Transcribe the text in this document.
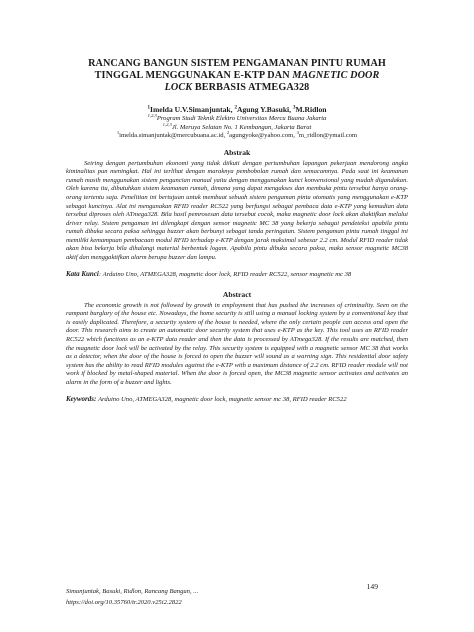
RANCANG BANGUN SISTEM PENGAMANAN PINTU RUMAH
TINGGAL MENGGUNAKAN E-KTP DAN MAGNETIC DOOR
LOCK BERBASIS ATMEGA328
$^1$Imelda U.V.Simanjuntak, $^2$Agung Y.Basuki, $^3$M.Ridlon
$^{1,2,3}$Program Studi Teknik Elektro Universitas Mercu Buana Jakarta
$^{1,2,3}$Jl. Meruya Selatan No. 1 Kembangan, Jakarta Barat
$^1$imelda.simanjuntak@mercubuana.ac.id, $^2$agungyoke@yahoo.com, $^3$m_ridlon@ymail.com
Abstrak

Seiring dengan pertumbuhan ekonomi yang tidak diikuti dengan pertumbuhan lapangan pekerjaan mendorong angka kiminalitas pun meningkat. Hal ini terlihat dengan maraknya pembobolan rumah dan semacamnya. Pada saat ini keamanan rumah masih menggunakan sistem penguncian manual yaitu dengan menggunakan kunci konvensional yang mudah digandakan. Oleh karena itu, dibutuhkan sistem keamanan rumah, dimana yang dapat mengakses dan membuka pintu tersebut hanya orang-orang tertentu saja. Penelitian ini bertujuan untuk membuat sebuah sistem pengaman pintu otomatis yang menggunakan e-KTP sebagai kuncinya. Alat ini mengunakan RFID reader RC522 yang berfungsi sebagai pembaca data e-KTP yang kemudian data tersebut diproses oleh ATmega328. Bila hasil pemrosesan data tersebut cocok, maka magnetic door lock akan diaktifkan melalui driver relay. Sistem pengaman ini dilengkapi dengan sensor magnetic MC 38 yang bekerja sebagai pendeteksi apabila pintu rumah dibuka secara paksa sehingga buzzer akan berbunyi sebagai tanda peringatan. Sistem pengaman pintu rumah tinggal ini memiliki kemampuan pembacaan modul RFID terhadap e-KTP dengan jarak maksimal sebesar 2.2 cm. Modul RFID reader tidak akan bisa bekerja bila dihalangi material berbentuk logam. Apabila pintu dibuka secara paksa, maka sensor magnetic MC38 aktif dan menggaktifkan alarm berupa buzzer dan lampu.

Kata Kunci: Arduino Uno, ATMEGA328, magnetic door lock, RFID reader RC522, sensor magnetic mc 38
Abstract

The economic growth is not followed by growth in employment that has pushed the increases of criminality. Seen on the rampant burglary of the house etc. Nowadays, the home security is still using a manual locking system by a conventional key that is easily duplicated. Therefore, a security system of the house is needed, where the only certain people can access and open the door. This research aims to create an automatic door security system that uses e-KTP as the key. This tool uses an RFID reader RC522 which functions as an e-KTP data reader and then the data is processed by ATmega328. If the results are matched, then the magnetic door lock will be activated by the relay. This security system is equipped with a magnetic sensor MC 38 that works as a detector, when the door of the house is forced to open the buzzer will sound as a warning sign. This residential door safety system has the ability to read RFID modules against the e-KTP with a maximum distance of 2.2 cm. RFID reader module will not work if blocked by metal-shaped material. When the door is forced open, the MC38 magnetic sensor activates and activates an alarm in the form of a buzzer and lights.

Keywords: Arduino Uno, ATMEGA328, magnetic door lock, magnetic sensor mc 38, RFID reader RC522
Simanjuntak, Basuki, Ridlon, Rancang Bangun, ...
https://doi.org/10.35760/tr.2020.v25i2.2822
149
